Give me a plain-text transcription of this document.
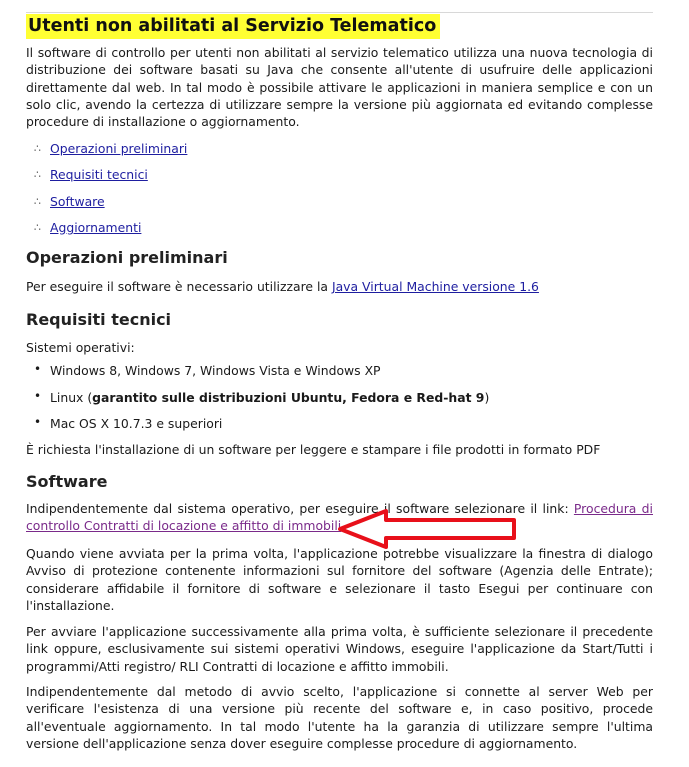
Utenti non abilitati al Servizio Telematico

Il software di controllo per utenti non abilitati al servizio telematico utilizza una nuova tecnologia di distribuzione dei software basati su Java che consente all'utente di usufruire delle applicazioni direttamente dal web. In tal modo è possibile attivare le applicazioni in maniera semplice e con un solo clic, avendo la certezza di utilizzare sempre la versione più aggiornata ed evitando complesse procedure di installazione o aggiornamento.

∴ Operazioni preliminari
∴ Requisiti tecnici
∴ Software
∴ Aggiornamenti
Operazioni preliminari

Per eseguire il software è necessario utilizzare la Java Virtual Machine versione 1.6

Requisiti tecnici

Sistemi operativi:

• Windows 8, Windows 7, Windows Vista e Windows XP
• Linux (garantito sulle distribuzioni Ubuntu, Fedora e Red-hat 9)
• Mac OS X 10.7.3 e superiori

È richiesta l'installazione di un software per leggere e stampare i file prodotti in formato PDF

Software

Indipendentemente dal sistema operativo, per eseguire il software selezionare il link: Procedura di controllo Contratti di locazione e affitto di immobili

Quando viene avviata per la prima volta, l'applicazione potrebbe visualizzare la finestra di dialogo Avviso di protezione contenente informazioni sul fornitore del software (Agenzia delle Entrate); considerare affidabile il fornitore di software e selezionare il tasto Esegui per continuare con l'installazione.

Per avviare l'applicazione successivamente alla prima volta, è sufficiente selezionare il precedente link oppure, esclusivamente sui sistemi operativi Windows, eseguire l'applicazione da Start/Tutti i programmi/Atti registro/ RLI Contratti di locazione e affitto immobili.

Indipendentemente dal metodo di avvio scelto, l'applicazione si connette al server Web per verificare l'esistenza di una versione più recente del software e, in caso positivo, procede all'eventuale aggiornamento. In tal modo l'utente ha la garanzia di utilizzare sempre l'ultima versione dell'applicazione senza dover eseguire complesse procedure di aggiornamento.
